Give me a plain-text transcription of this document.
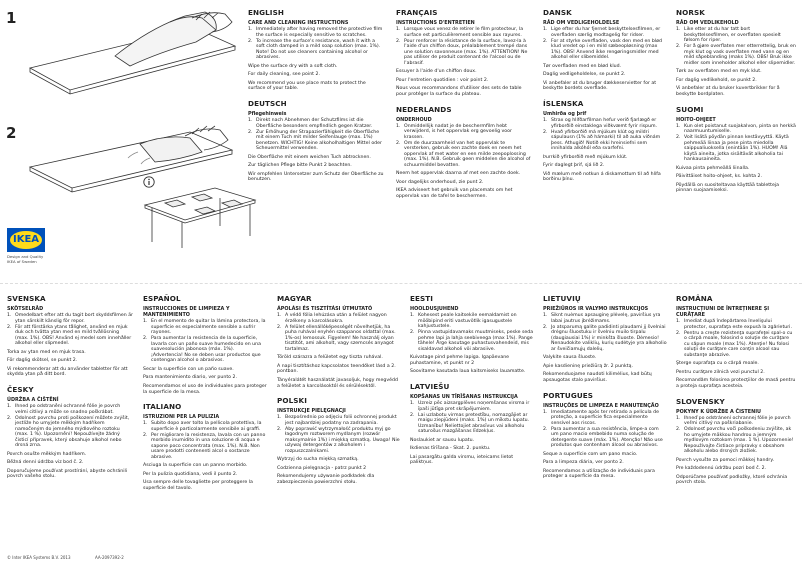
1
2
IKEA
Design and Quality
IKEA of Sweden
ENGLISH
CARE AND CLEANING INSTRUCTIONS
1. Immediately after having removed the protective film the surface is especially sensitive to scratches.
2. To increase the surface's resistance, wash it with a soft cloth damped in a mild soap solution (max. 1%). Note! Do not use cleaners containing alcohol or abrasives.
Wipe the surface dry with a soft cloth.
For daily cleaning, see point 2.
We recommend you use place mats to protect the surface of your table.
DEUTSCH
Pflegehinweis
1. Direkt nach Abnehmen der Schutzfilms ist die Oberfläche besonders empfindlich gegen Kratzer.
2. Zur Erhöhung der Strapazierfähigkeit die Oberfläche mit einem Tuch mit milder Seifenlauge (max. 1%) benetzen. WICHTIG! Keine alkoholhaltigen Mittel oder Scheuermittel verwenden.
Die Oberfläche mit einem weichen Tuch abtrocknen.
Zur täglichen Pflege bitte Punkt 2 beachten.
Wir empfehlen Untersetzer zum Schutz der Oberfläche zu benutzen.
FRANÇAIS
INSTRUCTIONS D'ENTRETIEN
1. Lorsque vous venez de retirer le film protecteur, la surface est particulièrement sensible aux rayures.
2. Pour renforcer la résistance de la surface, lavez-la à l'aide d'un chiffon doux, préalablement trempé dans une solution savonneuse (max. 1%). ATTENTION! Ne pas utiliser de produit contenant de l'alcool ou de l'abrasif.
Essuyer à l'aide d'un chiffon doux.
Pour l'entretien quotidien : voir point 2.
Nous vous recommandons d'utiliser des sets de table pour protéger la surface du plateau.
NEDERLANDS
ONDERHOUD
1. Onmiddellijk nadat je de beschermfilm hebt verwijderd, is het oppervlak erg gevoelig voor krassen.
2. Om de duurzaamheid van het oppervlak te versterken, gebruik een zachte doek en neem het oppervlak af met water en een milde zeepoplossing (max. 1%). N.B. Gebruik geen middelen die alcohol of schuurmiddel bevatten.
Neem het oppervlak daarna af met een zachte doek.
Voor dagelijks onderhoud, zie punt 2.
IKEA adviseert het gebruik van placemats om het oppervlak van de tafel te beschermen.
DANSK
RÅD OM VEDLIGEHOLDELSE
1. Lige efter du har fjernet beskyttelsesfilmen, er overfladen særlig modtagelig for ridser.
2. For at styrke overfladen, vask den med en blød klud vredet op i en mild sæbeopløsning (max 1%). OBS! Anvend ikke rengøringsmidler med alkohol eller slibemiddel.
Tør overfladen med en blød klud.
Daglig vedligeholdelse, se punkt 2.
Vi anbefaler at du bruger dækkeservietter for at beskytte bordets overflade.
ÍSLENSKA
Umhirða og þrif
1. Strax og hlífðarfilman hefur verið fjarlægð er yfirborðið einstaklega viðkvæmt fyrir rispum.
2. Hvað yfirborðið má mjúkum klút og mildri sápulausn (1% að hámarki) til að auka viðnám þess. Athugið! Notið ekki hreinsiefni sem innihalda alkóhól eða svarfefni.
Þurrkið yfirborðið með mjúkum klút.
Fyrir daglegt þrif, sjá lið 2.
Við mælum með notkun á diskamottum til að hlífa borðinu þínu.
NORSK
RÅD OM VEDLIKEHOLD
1. Like etter at du har tatt bort beskyttelsesfilmen, er overflaten spesielt følsom for riper.
2. For å gjøre overflaten mer etterrettelig, bruk en myk klut og vask overflaten med vann og en mild såpeblanding (maks 1%). OBS! Bruk ikke midler som inneholder alkohol eller slipemidler.
Tørk av overflaten med en myk klut.
For daglig vedlikehold, se punkt 2.
Vi anbefaler at du bruker kuvertbrikker for å beskytte bordplaten.
SUOMI
HOITO-OHJEET
1. Kun olet poistanut suojakalvon, pinta on herkkä naarmuuntumiselle.
2. Voit lisätä pöydän pinnan kestävyyttä. Käytä pehmeää liinaa ja pese pinta miedolla saippualiuoksella (enintään 1%). HUOM! Älä käytä aineita, jotka sisältävät alkoholia tai hankausaineita.
Kuivaa pinta pehmeällä liinalla.
Päivittäiset hoito-ohjeet, ks. kohta 2.
Pöydällä on suositeltavaa käyttää tabletteja pinnan suojaamiseksi.
SVENSKA
SKÖTSELRÅD
1. Omedelbart efter att du tagit bort skyddsfilmen är ytan särskilt känslig för repor.
2. För att förstärka ytans tålighet, använd en mjuk duk och tvätta ytan med en mild tvållösning (max. 1%). OBS! Använd ej medel som innehåller alkohol eller slipmedel.
Torka av ytan med en mjuk trasa.
För daglig skötsel, se punkt 2.
Vi rekommenderar att du använder tabletter för att skydda ytan på ditt bord.
ČESKY
ÚDRŽBA A ČIŠTĚNÍ
1. Ihned po odstranění ochranné fólie je povrch velmi citlivý a může se snadno poškrábat.
2. Odolnost povrchu proti poškození můžete zvýšit, jestliže ho umyjete měkkým hadříkem namočeným do jemného mýdlového roztoku (max. 1 %). Upozornění! Nepoužívejte žádný čisticí přípravek, který obsahuje alkohol nebo drsná zrna.
Povrch osušte měkkým hadříkem.
Běžná denní údržba viz bod č. 2.
Doporučujeme používat prostírání, abyste ochránili povrch vašeho stolu.
ESPAÑOL
INSTRUCCIONES DE LIMPIEZA Y MANTENIMIENTO
1. En el momento de quitar la lámina protectora, la superficie es especialmente sensible a sufrir rayones.
2. Para aumentar la resistencia de la superficie, lavarla con un paño suave humedecido en una suavesolución jabonosa (máx. 1%). ¡Advertencia! No se deben usar productos que contengan alcohol o abrasivos.
Secar la superficie con un paño suave.
Para mantenimiento diario, ver punto 2.
Recomendamos el uso de individuales para proteger la superficie de la mesa.
ITALIANO
ISTRUZIONI PER LA PULIZIA
1. Subito dopo aver tolto la pellicola protettiva, la superficie è particolarmente sensibile ai graffi.
2. Per migliorare la resistenza, lavala con un panno morbido inumidito in una soluzione di acqua e sapone poco concentrata (max. 1%). N.B. Non usare prodotti contenenti alcol o sostanze abrasive.
Asciuga la superficie con un panno morbido.
Per la pulizia quotidiana, vedi il punto 2.
Usa sempre delle tovagliette per proteggere la superficie del tavolo.
MAGYAR
ÁPOLÁSI ÉS TISZTÍTÁSI ÚTMUTATÓ
1. A védő fólia lehúzása után a felület nagyon érzékeny a karcolásokra.
2. A felület ellenállóképességét növelhetjük, ha puha ruhával enyhén szappanos oldattal (max. 1%-os) lemossuk. Figyelem! Ne használj olyan tisztítót, ami alkoholt, vagy szemcsés anyagot tartalmaz.
Töröld szárazra a felületet egy tiszta ruhával.
A napi tisztításhoz kapcsolatos teendőket lásd a 2. pontban.
Tányéralátét használatát javasoljuk, hogy megvédd a felületet a karcolásoktól és sérülésektől.
POLSKI
INSTRUKCJE PIELĘGNACJI
1. Bezpośrednio po odjęciu folii ochronnej produkt jest najbardziej podatny na zadrapania.
2. Aby poprawić wytrzymałość produktu myj go łagodnym roztworem mydlanym (rozwór maksymalnie 1%) i miękką szmatką. Uwaga! Nie używaj detergentów z alkoholem i rozpuszczalnikami.
Wytrzyj do sucha miękką szmatką.
Codzienna pielęgnacja - patrz punkt 2
Rekomendujemy używanie podkładek dla zabezpieczenia powierzchni stołu.
EESTI
HOOLDUSJUHEND
1. Kohesest peale kaitsekile eemaldamist on mööbipind eriti vastuvõtlik igasugustele kahjustustele.
2. Pinna vastupidavamaks muutmiseks, peske seda pehme lapi ja lahja seebiveega (max 1%). Pange tähele! Ärge kasutage puhastusvahendeid, mis sisaldavad alkoholi või abrasiive.
Kuivatage pind pehme lapiga. Igapäevane puhastamine, vt punkt nr 2
Soovitame kasutada laua kaitsmiseks lauamatte.
LATVIEŠU
KOPŠANAS UN TĪRĪŠANAS INSTRUKCIJA
1. Uzreiz pēc aizsargplēves noņemšanas virsma ir īpaši jūtīga pret skrāpējumiem.
2. Lai uzlabotu virmas pretestību, nomazgājiet ar maigu ziepjūdeni (maks. 1%) un mīkstu lupatu. Uzmanību! Neliettojiet abrasīvus vai alkoholu saturošus mazgāšanas līdzekļus.
Noslaukiet ar sausu lupatu.
Ikdienas tīrīšana - Skat. 2. punktu.
Lai pasargātu galda virsmu, ieteicams lietot paliktņus.
LIETUVIŲ
PRIEŽIŪROS IR VALYMO INSTRUKCIJOS
1. Siknt nuėmus apsauginę plėvelę, paviršius yra labai jautrus įbrėžimams.
2. Jo atsparumą galite padidinti plaudami jį švelniai drėgnu šluostuku ir švelniu muilo tirpalu (daugiausiai 1%) ir minkšta šluoste. Dėmesio! Nenaudokite valiklių, kurių sudėtyje yra alkoholio ar šveičiamųjų dalelių.
Valykite sausa šluoste.
Apie kasdieninę priežiūrą žr. 2 punktą.
Rekomenduojame naudoti kilimėlius, kad būtų apsaugotas stalo paviršius.
PORTUGUES
INSTRUÇÕES DE LIMPEZA E MANUTENÇÃO
1. Imediatamente após ter retirado a película de proteção, a superfície fica especialmente sensível aos riscos.
2. Para aumentar a sua resistência, limpe-a com um pano macio embebido numa solução de detergente suave (máx. 1%). Atenção! Não use produtos que contenham álcool ou abrasivos.
Seque a superfície com um pano macio.
Para a limpeza diária, ver ponto 2.
Recomendamos a utilização de individuais para proteger a superfície da mesa.
ROMÂNA
INSTRUCȚIUNI DE ÎNTREȚINERE ȘI CURĂȚARE
1. Imediat după îndepărtarea învelişului protector, suprafaţa este expusă la zgârieturi.
2. Pentru a creşte rezistenţa suprafeţei spal-o cu o cârpă moale, folosind o soluţie de curăţare cu săpun moale (max 1%). Atenţie! Nu folosi soluţii de curăţare care conţin alcool sau substanţe abrazive.
Şterge suprafaţa cu o cârpă moale.
Pentru curăţare zilnică vezi punctul 2.
Recomandăm folosirea protecţiilor de masă pentru a proteja suprafaţa acesteia.
SLOVENSKY
POKYNY K ÚDRŽBE A ČISTENIU
1. Ihneď po odstránení ochrannej fólie je povrch veľmi citlivý na poškriabanie.
2. Odolnosť povrchu voči poškodeniu zvýšite, ak ho umyjete mäkkou handrou a jemným mydlovým roztokom (max. 1 %). Upozornenie! Nepoužívajte čistiace prípravky s obsahom alkoholu alebo drsných zložiek.
Povrch vysušte za pomoci mäkkej handry.
Pre každodennú údržbu pozri bod č. 2.
Odporúčame používať podložky, ktoré ochránia povrch stola.
© Inter IKEA Systems B.V. 2013	AA-2097392-2
